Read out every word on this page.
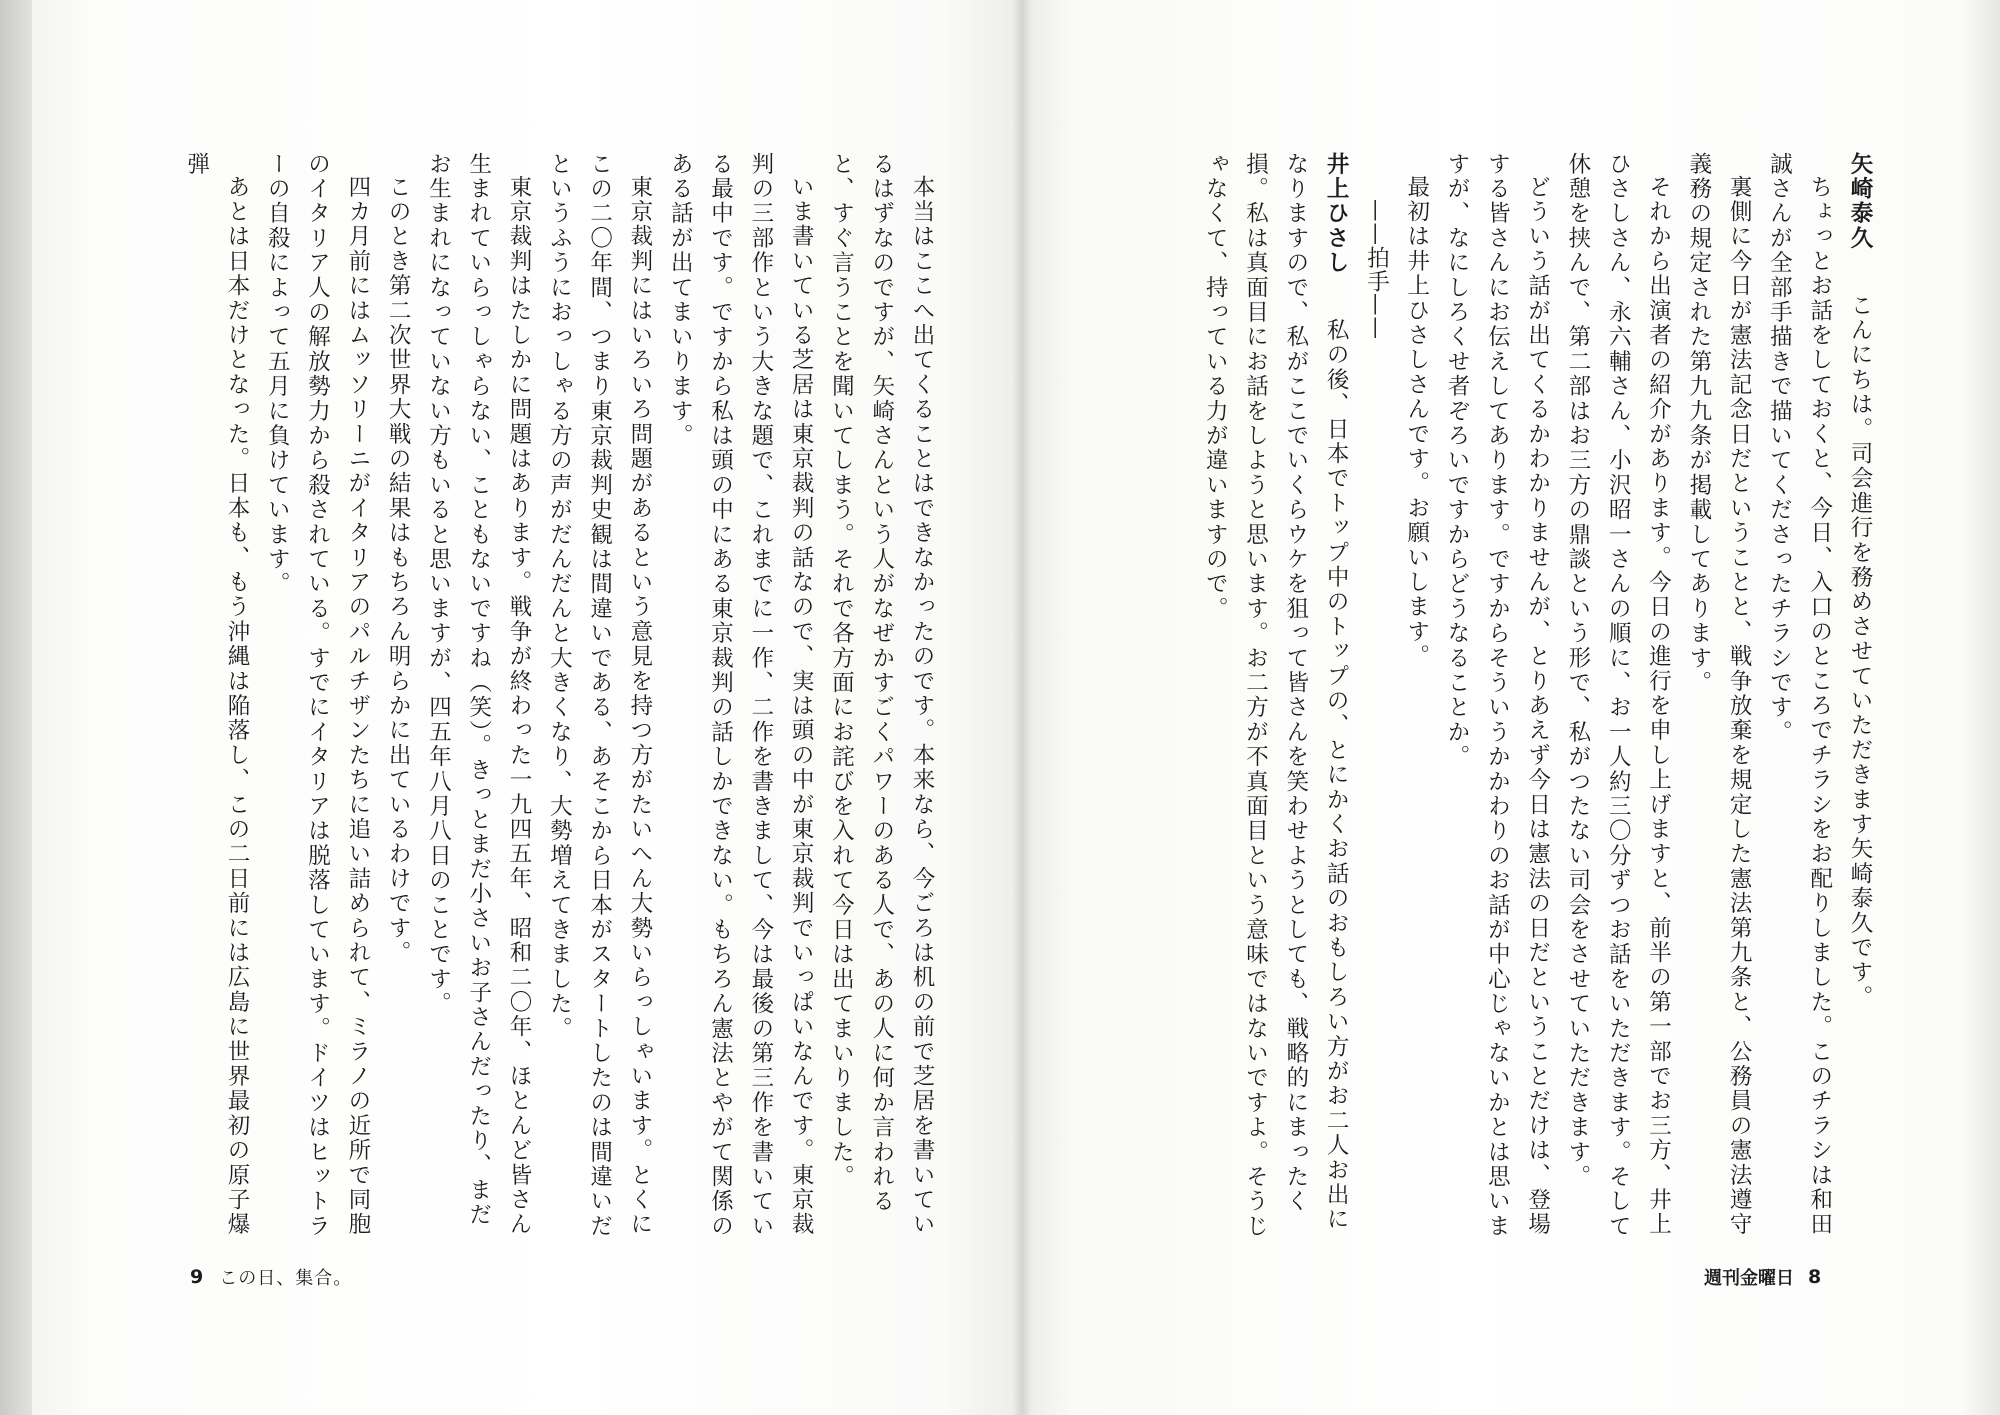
本当はここへ出てくることはできなかったのです。本来なら、今ごろは机の前で芝居を書いているはずなのですが、矢崎さんという人がなぜかすごくパワーのある人で、あの人に何か言われると、すぐ言うことを聞いてしまう。それで各方面にお詫びを入れて今日は出てまいりました。

いま書いている芝居は東京裁判の話なので、実は頭の中が東京裁判でいっぱいなんです。東京裁判の三部作という大きな題で、これまでに一作、二作を書きまして、今は最後の第三作を書いている最中です。ですから私は頭の中にある東京裁判の話しかできない。もちろん憲法とやがて関係のある話が出てまいります。

東京裁判にはいろいろ問題があるという意見を持つ方がたいへん大勢いらっしゃいます。とくにこの二〇年間、つまり東京裁判史観は間違いである、あそこから日本がスタートしたのは間違いだというふうにおっしゃる方の声がだんだんと大きくなり、大勢増えてきました。

東京裁判はたしかに問題はあります。戦争が終わった一九四五年、昭和二〇年、ほとんど皆さん生まれていらっしゃらない、こともないですね（笑）。きっとまだ小さいお子さんだったり、まだお生まれになっていない方もいると思いますが、四五年八月八日のことです。

このとき第二次世界大戦の結果はもちろん明らかに出ているわけです。

四カ月前にはムッソリーニがイタリアのパルチザンたちに追い詰められて、ミラノの近所で同胞のイタリア人の解放勢力から殺されている。すでにイタリアは脱落しています。ドイツはヒットラーの自殺によって五月に負けています。

あとは日本だけとなった。日本も、もう沖縄は陥落し、この二日前には広島に世界最初の原子爆弾

9 この日、集合。

矢崎泰久　こんにちは。司会進行を務めさせていただきます矢崎泰久です。

ちょっとお話をしておくと、今日、入口のところでチラシをお配りしました。このチラシは和田誠さんが全部手描きで描いてくださったチラシです。

裏側に今日が憲法記念日だということと、戦争放棄を規定した憲法第九条と、公務員の憲法遵守義務の規定された第九九条が掲載してあります。

それから出演者の紹介があります。今日の進行を申し上げますと、前半の第一部でお三方、井上ひさしさん、永六輔さん、小沢昭一さんの順に、お一人約三〇分ずつお話をいただきます。そして休憩を挟んで、第二部はお三方の鼎談という形で、私がつたない司会をさせていただきます。

どういう話が出てくるかわかりませんが、とりあえず今日は憲法の日だということだけは、登場する皆さんにお伝えしてあります。ですからそういうかかわりのお話が中心じゃないかとは思いますが、なにしろくせ者ぞろいですからどうなることか。

最初は井上ひさしさんです。お願いします。

——拍手——

井上ひさし　私の後、日本でトップ中のトップの、とにかくお話のおもしろい方がお二人お出になりますので、私がここでいくらウケを狙って皆さんを笑わせようとしても、戦略的にまったく損。私は真面目にお話をしようと思います。お二方が不真面目という意味ではないですよ。そうじゃなくて、持っている力が違いますので。

週刊金曜日 8
